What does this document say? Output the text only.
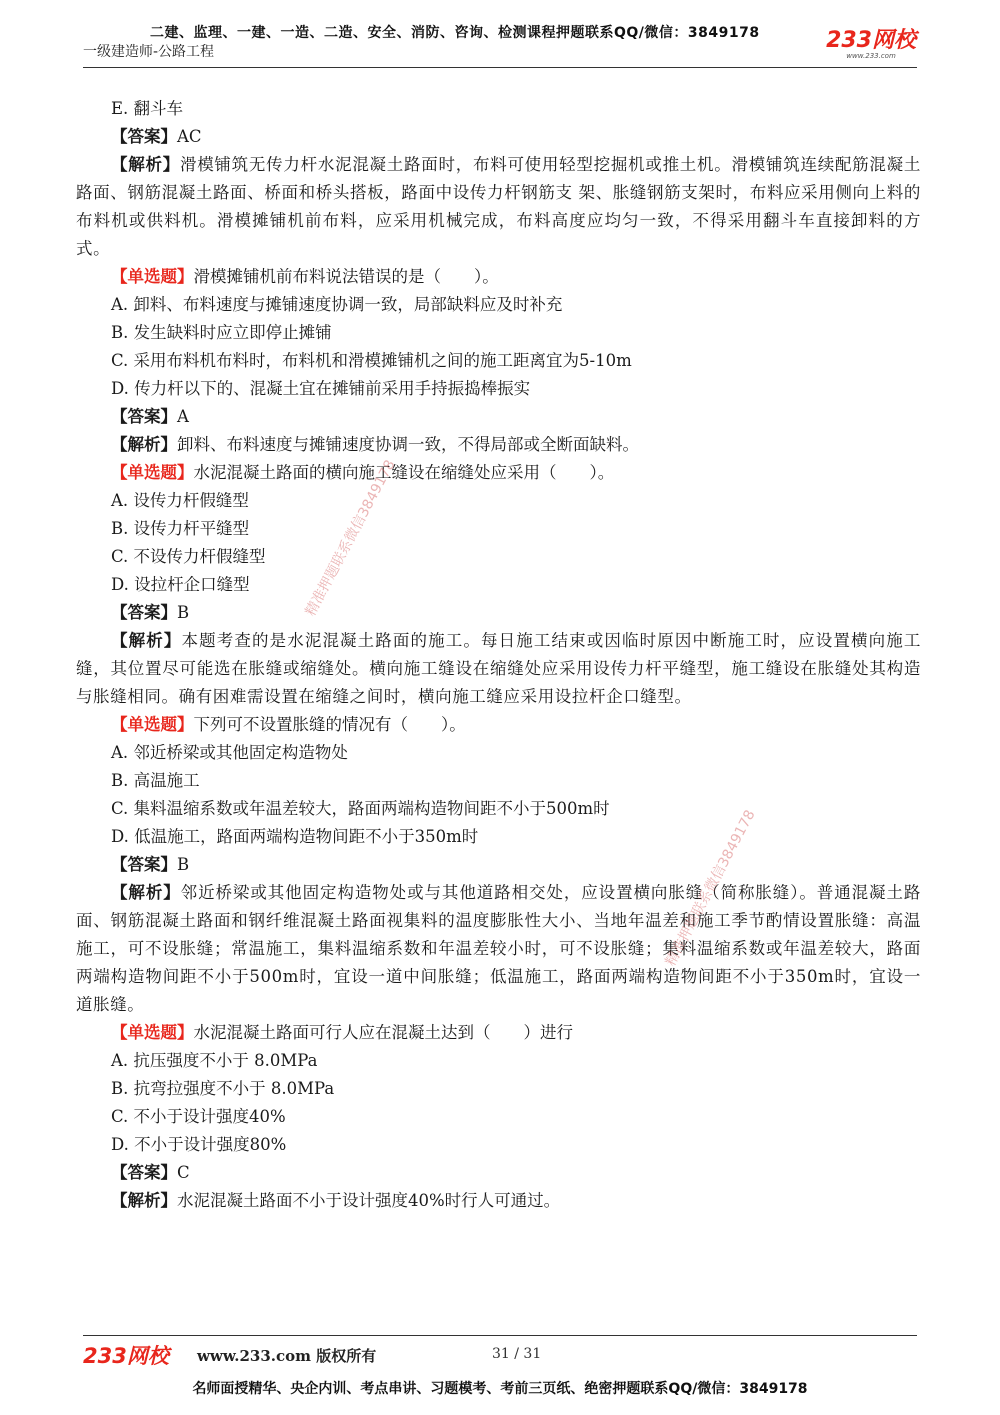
二建、监理、一建、一造、二造、安全、消防、咨询、检测课程押题联系QQ/微信：3849178
一级建造师-公路工程	233网校
www.233.com
E. 翻斗车
【答案】AC
【解析】滑模铺筑无传力杆水泥混凝土路面时，布料可使用轻型挖掘机或推土机。滑模铺筑连续配筋混凝土路面、钢筋混凝土路面、桥面和桥头搭板，路面中设传力杆钢筋支 架、胀缝钢筋支架时，布料应采用侧向上料的布料机或供料机。滑模摊铺机前布料，应采用机械完成，布料高度应均匀一致，不得采用翻斗车直接卸料的方式。
【单选题】滑模摊铺机前布料说法错误的是（　　）。
A. 卸料、布料速度与摊铺速度协调一致，局部缺料应及时补充
B. 发生缺料时应立即停止摊铺
C. 采用布料机布料时，布料机和滑模摊铺机之间的施工距离宜为5-10m
D. 传力杆以下的、混凝土宜在摊铺前采用手持振捣棒振实
【答案】A
【解析】卸料、布料速度与摊铺速度协调一致，不得局部或全断面缺料。
【单选题】水泥混凝土路面的横向施工缝设在缩缝处应采用（　　）。
A. 设传力杆假缝型
B. 设传力杆平缝型
C. 不设传力杆假缝型
D. 设拉杆企口缝型
【答案】B
【解析】本题考查的是水泥混凝土路面的施工。每日施工结束或因临时原因中断施工时，应设置横向施工缝，其位置尽可能选在胀缝或缩缝处。横向施工缝设在缩缝处应采用设传力杆平缝型，施工缝设在胀缝处其构造与胀缝相同。确有困难需设置在缩缝之间时，横向施工缝应采用设拉杆企口缝型。
【单选题】下列可不设置胀缝的情况有（　　）。
A. 邻近桥梁或其他固定构造物处
B. 高温施工
C. 集料温缩系数或年温差较大，路面两端构造物间距不小于500m时
D. 低温施工，路面两端构造物间距不小于350m时
【答案】B
【解析】邻近桥梁或其他固定构造物处或与其他道路相交处，应设置横向胀缝（简称胀缝）。普通混凝土路面、钢筋混凝土路面和钢纤维混凝土路面视集料的温度膨胀性大小、当地年温差和施工季节酌情设置胀缝：高温施工，可不设胀缝；常温施工，集料温缩系数和年温差较小时，可不设胀缝；集料温缩系数或年温差较大，路面两端构造物间距不小于500m时，宜设一道中间胀缝；低温施工，路面两端构造物间距不小于350m时，宜设一道胀缝。
【单选题】水泥混凝土路面可行人应在混凝土达到（　　）进行
A. 抗压强度不小于 8.0MPa
B. 抗弯拉强度不小于 8.0MPa
C. 不小于设计强度40%
D. 不小于设计强度80%
【答案】C
【解析】水泥混凝土路面不小于设计强度40%时行人可通过。
精准押题联系微信3849178
精准押题联系微信3849178
233网校 www.233.com 版权所有	31 / 31
名师面授精华、央企内训、考点串讲、习题模考、考前三页纸、绝密押题联系QQ/微信：3849178
